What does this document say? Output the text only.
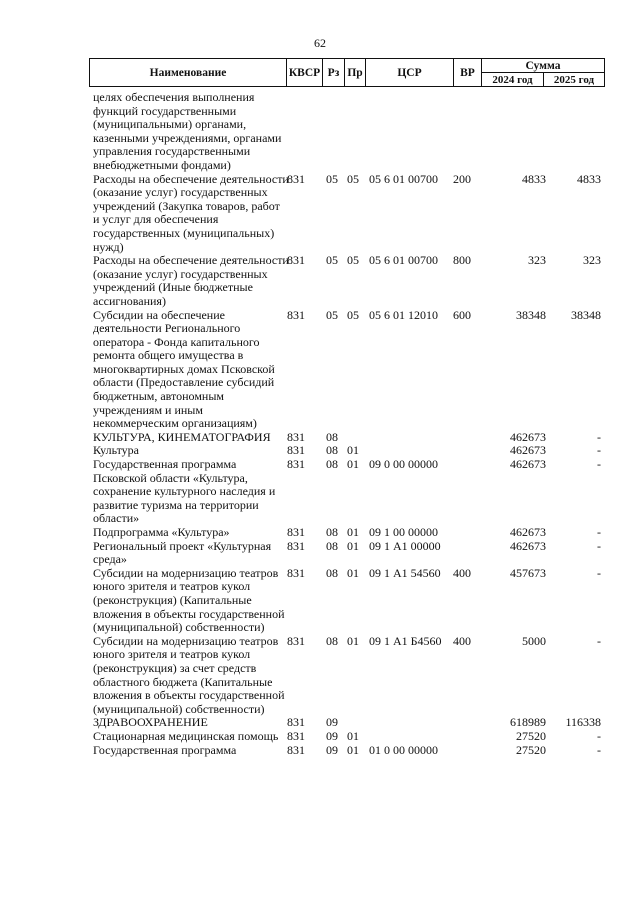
62
Наименование	КВСР Рз Пр	ЦСР	ВР
Сумма
2024 год	2025 год
целях обеспечения выполнения функций государственными (муниципальными) органами, казенными учреждениями, органами управления государственными внебюджетными фондами)
Расходы на обеспечение деятельности (оказание услуг) государственных учреждений (Закупка товаров, работ и услуг для обеспечения государственных (муниципальных) нужд)
831 05 05 05 6 01 00700 200	4833	4833
Расходы на обеспечение деятельности (оказание услуг) государственных учреждений (Иные бюджетные ассигнования)
831 05 05 05 6 01 00700 800	323	323
Субсидии на обеспечение деятельности Регионального оператора - Фонда капитального ремонта общего имущества в многоквартирных домах Псковской области (Предоставление субсидий бюджетным, автономным учреждениям и иным некоммерческим организациям)
831 05 05 05 6 01 12010 600	38348 38348
КУЛЬТУРА, КИНЕМАТОГРАФИЯ	831 08	462673	-
Культура	831 08 01	462673	-
Государственная программа Псковской области «Культура, сохранение культурного наследия и развитие туризма на территории области»
831 08 01 09 0 00 00000	462673	-
Подпрограмма «Культура»	831 08 01 09 1 00 00000	462673	-
Региональный проект «Культурная среда»
831 08 01 09 1 А1 00000	462673	-
Субсидии на модернизацию театров юного зрителя и театров кукол (реконструкция) (Капитальные вложения в объекты государственной (муниципальной) собственности)
831 08 01 09 1 А1 54560 400	457673	-
Субсидии на модернизацию театров юного зрителя и театров кукол (реконструкция) за счет средств областного бюджета (Капитальные вложения в объекты государственной (муниципальной) собственности)
831 08 01 09 1 А1 Б4560 400	5000	-
ЗДРАВООХРАНЕНИЕ	831 09	618989 116338
Стационарная медицинская помощь 831 09 01	27520	-
Государственная программа	831 09 01 01 0 00 00000	27520	-
